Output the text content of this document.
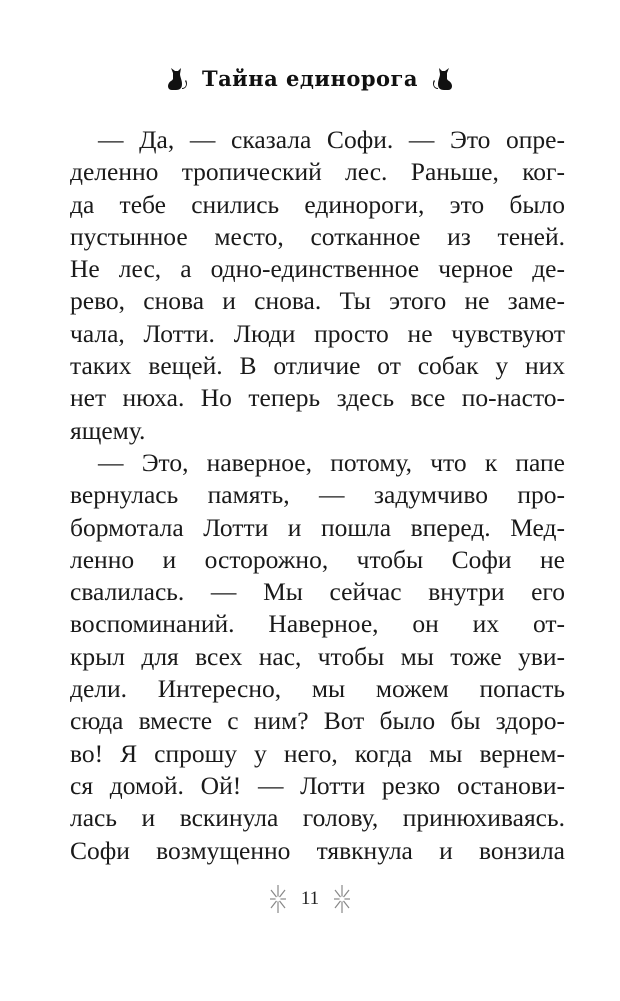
Тайна единорога
— Да, — сказала Софи. — Это опре-
деленно тропический лес. Раньше, ког-
да тебе снились единороги, это было
пустынное место, сотканное из теней.
Не лес, а одно-единственное черное де-
рево, снова и снова. Ты этого не заме-
чала, Лотти. Люди просто не чувствуют
таких вещей. В отличие от собак у них
нет нюха. Но теперь здесь все по-насто-
ящему.
— Это, наверное, потому, что к папе
вернулась память, — задумчиво про-
бормотала Лотти и пошла вперед. Мед-
ленно и осторожно, чтобы Софи не
свалилась. — Мы сейчас внутри его
воспоминаний. Наверное, он их от-
крыл для всех нас, чтобы мы тоже уви-
дели. Интересно, мы можем попасть
сюда вместе с ним? Вот было бы здоро-
во! Я спрошу у него, когда мы вернем-
ся домой. Ой! — Лотти резко останови-
лась и вскинула голову, принюхиваясь.
Софи возмущенно тявкнула и вонзила
11
